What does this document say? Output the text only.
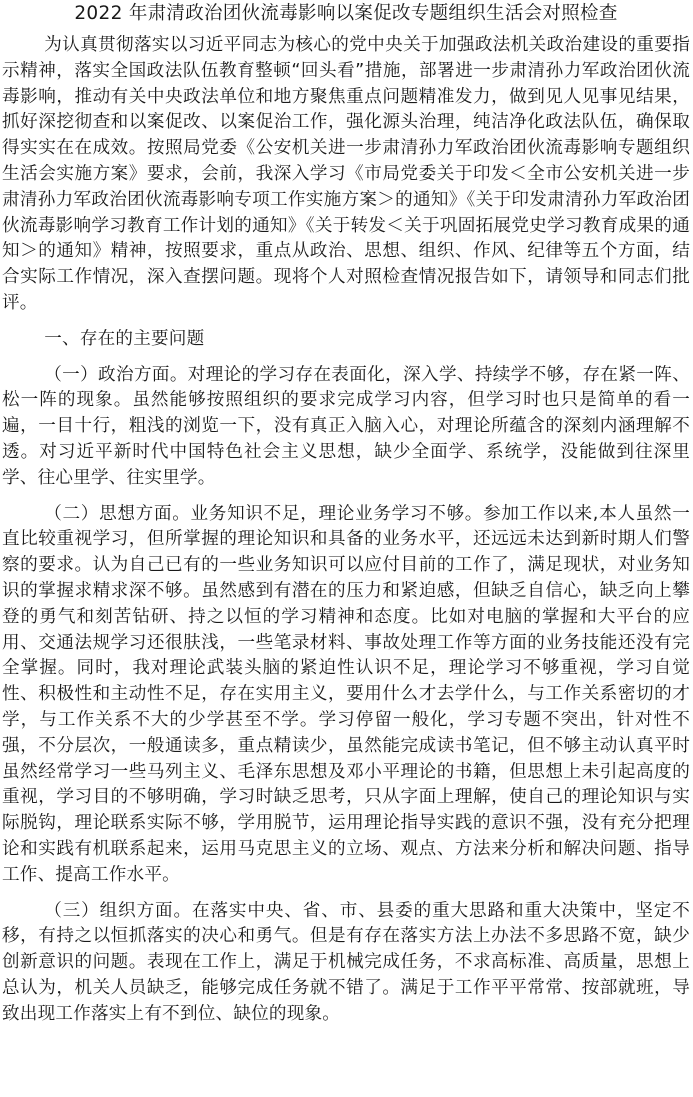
2022 年肃清政治团伙流毒影响以案促改专题组织生活会对照检查

为认真贯彻落实以习近平同志为核心的党中央关于加强政法机关政治建设的重要指示精神，落实全国政法队伍教育整顿“回头看”措施，部署进一步肃清孙力军政治团伙流毒影响，推动有关中央政法单位和地方聚焦重点问题精准发力，做到见人见事见结果，抓好深挖彻查和以案促改、以案促治工作，强化源头治理，纯洁净化政法队伍，确保取得实实在在成效。按照局党委《公安机关进一步肃清孙力军政治团伙流毒影响专题组织生活会实施方案》要求，会前，我深入学习《市局党委关于印发＜全市公安机关进一步肃清孙力军政治团伙流毒影响专项工作实施方案＞的通知》《关于印发肃清孙力军政治团伙流毒影响学习教育工作计划的通知》《关于转发＜关于巩固拓展党史学习教育成果的通知＞的通知》精神，按照要求，重点从政治、思想、组织、作风、纪律等五个方面，结合实际工作情况，深入查摆问题。现将个人对照检查情况报告如下，请领导和同志们批评。

一、存在的主要问题

（一）政治方面。对理论的学习存在表面化，深入学、持续学不够，存在紧一阵、松一阵的现象。虽然能够按照组织的要求完成学习内容，但学习时也只是简单的看一遍，一目十行，粗浅的浏览一下，没有真正入脑入心，对理论所蕴含的深刻内涵理解不透。对习近平新时代中国特色社会主义思想，缺少全面学、系统学，没能做到往深里学、往心里学、往实里学。

（二）思想方面。业务知识不足，理论业务学习不够。参加工作以来,本人虽然一直比较重视学习，但所掌握的理论知识和具备的业务水平，还远远未达到新时期人们警察的要求。认为自己已有的一些业务知识可以应付目前的工作了，满足现状，对业务知识的掌握求精求深不够。虽然感到有潜在的压力和紧迫感，但缺乏自信心，缺乏向上攀登的勇气和刻苦钻研、持之以恒的学习精神和态度。比如对电脑的掌握和大平台的应用、交通法规学习还很肤浅，一些笔录材料、事故处理工作等方面的业务技能还没有完全掌握。同时，我对理论武装头脑的紧迫性认识不足，理论学习不够重视，学习自觉性、积极性和主动性不足，存在实用主义，要用什么才去学什么，与工作关系密切的才学，与工作关系不大的少学甚至不学。学习停留一般化，学习专题不突出，针对性不强，不分层次，一般通读多，重点精读少，虽然能完成读书笔记，但不够主动认真平时虽然经常学习一些马列主义、毛泽东思想及邓小平理论的书籍，但思想上未引起高度的重视，学习目的不够明确，学习时缺乏思考，只从字面上理解，使自己的理论知识与实际脱钩，理论联系实际不够，学用脱节，运用理论指导实践的意识不强，没有充分把理论和实践有机联系起来，运用马克思主义的立场、观点、方法来分析和解决问题、指导工作、提高工作水平。

（三）组织方面。在落实中央、省、市、县委的重大思路和重大决策中，坚定不移，有持之以恒抓落实的决心和勇气。但是有存在落实方法上办法不多思路不宽，缺少创新意识的问题。表现在工作上，满足于机械完成任务，不求高标准、高质量，思想上总认为，机关人员缺乏，能够完成任务就不错了。满足于工作平平常常、按部就班，导致出现工作落实上有不到位、缺位的现象。
